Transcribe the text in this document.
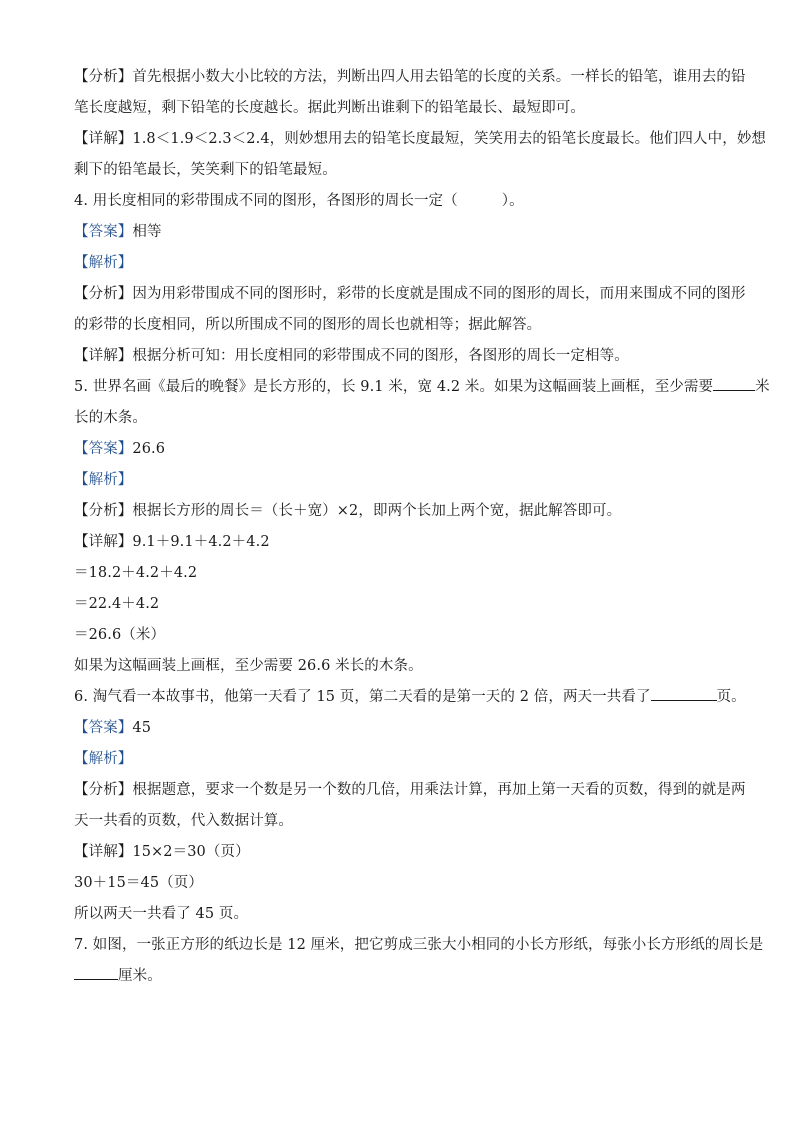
【分析】首先根据小数大小比较的方法，判断出四人用去铅笔的长度的关系。一样长的铅笔，谁用去的铅
笔长度越短，剩下铅笔的长度越长。据此判断出谁剩下的铅笔最长、最短即可。
【详解】1.8＜1.9＜2.3＜2.4，则妙想用去的铅笔长度最短，笑笑用去的铅笔长度最长。他们四人中，妙想
剩下的铅笔最长，笑笑剩下的铅笔最短。
4. 用长度相同的彩带围成不同的图形，各图形的周长一定（	）。
【答案】相等
【解析】
【分析】因为用彩带围成不同的图形时，彩带的长度就是围成不同的图形的周长，而用来围成不同的图形
的彩带的长度相同，所以所围成不同的图形的周长也就相等；据此解答。
【详解】根据分析可知：用长度相同的彩带围成不同的图形，各图形的周长一定相等。
5. 世界名画《最后的晚餐》是长方形的，长 9.1 米，宽 4.2 米。如果为这幅画装上画框，至少需要	米
长的木条。
【答案】26.6
【解析】
【分析】根据长方形的周长＝（长＋宽）×2，即两个长加上两个宽，据此解答即可。
【详解】9.1＋9.1＋4.2＋4.2
＝18.2＋4.2＋4.2
＝22.4＋4.2
＝26.6（米）
如果为这幅画装上画框，至少需要 26.6 米长的木条。
6. 淘气看一本故事书，他第一天看了 15 页，第二天看的是第一天的 2 倍，两天一共看了	页。
【答案】45
【解析】
【分析】根据题意，要求一个数是另一个数的几倍，用乘法计算，再加上第一天看的页数，得到的就是两
天一共看的页数，代入数据计算。
【详解】15×2＝30（页）
30＋15＝45（页）
所以两天一共看了 45 页。
7. 如图，一张正方形的纸边长是 12 厘米，把它剪成三张大小相同的小长方形纸，每张小长方形纸的周长是
厘米。
